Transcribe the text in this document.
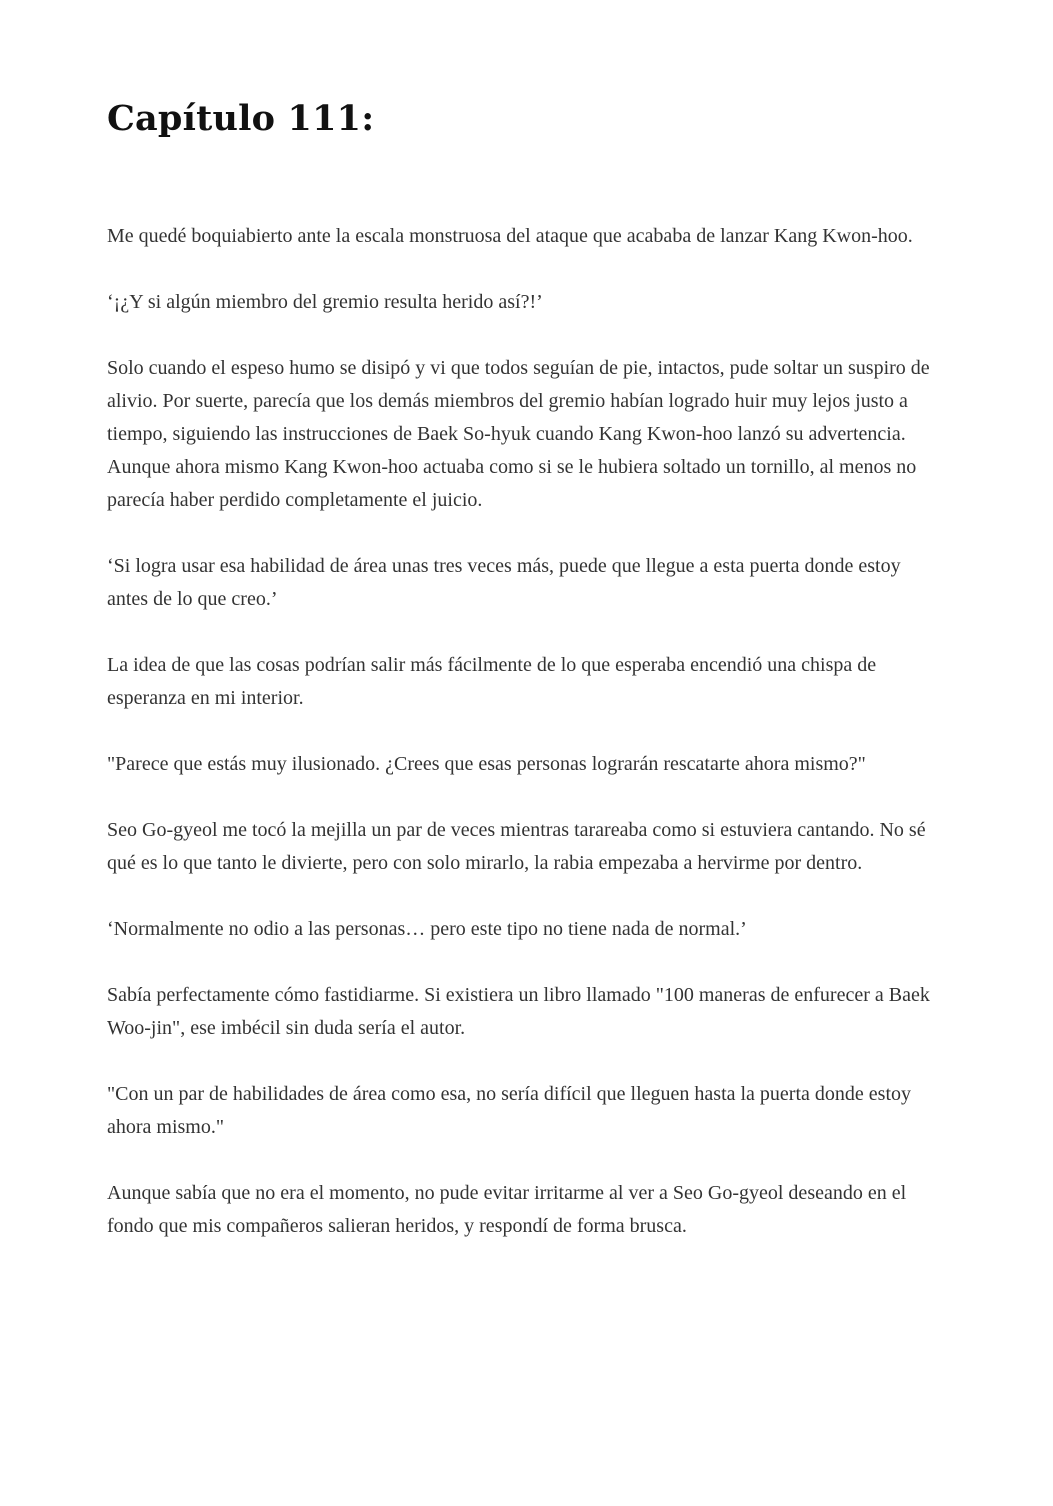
Capítulo 111:

Me quedé boquiabierto ante la escala monstruosa del ataque que acababa de lanzar Kang Kwon-hoo.

‘¡¿Y si algún miembro del gremio resulta herido así?!’

Solo cuando el espeso humo se disipó y vi que todos seguían de pie, intactos, pude soltar un suspiro de alivio. Por suerte, parecía que los demás miembros del gremio habían logrado huir muy lejos justo a tiempo, siguiendo las instrucciones de Baek So-hyuk cuando Kang Kwon-hoo lanzó su advertencia. Aunque ahora mismo Kang Kwon-hoo actuaba como si se le hubiera soltado un tornillo, al menos no parecía haber perdido completamente el juicio.

‘Si logra usar esa habilidad de área unas tres veces más, puede que llegue a esta puerta donde estoy antes de lo que creo.’

La idea de que las cosas podrían salir más fácilmente de lo que esperaba encendió una chispa de esperanza en mi interior.

"Parece que estás muy ilusionado. ¿Crees que esas personas lograrán rescatarte ahora mismo?"

Seo Go-gyeol me tocó la mejilla un par de veces mientras tarareaba como si estuviera cantando. No sé qué es lo que tanto le divierte, pero con solo mirarlo, la rabia empezaba a hervirme por dentro.

‘Normalmente no odio a las personas… pero este tipo no tiene nada de normal.’

Sabía perfectamente cómo fastidiarme. Si existiera un libro llamado "100 maneras de enfurecer a Baek Woo-jin", ese imbécil sin duda sería el autor.

"Con un par de habilidades de área como esa, no sería difícil que lleguen hasta la puerta donde estoy ahora mismo."

Aunque sabía que no era el momento, no pude evitar irritarme al ver a Seo Go-gyeol deseando en el fondo que mis compañeros salieran heridos, y respondí de forma brusca.
